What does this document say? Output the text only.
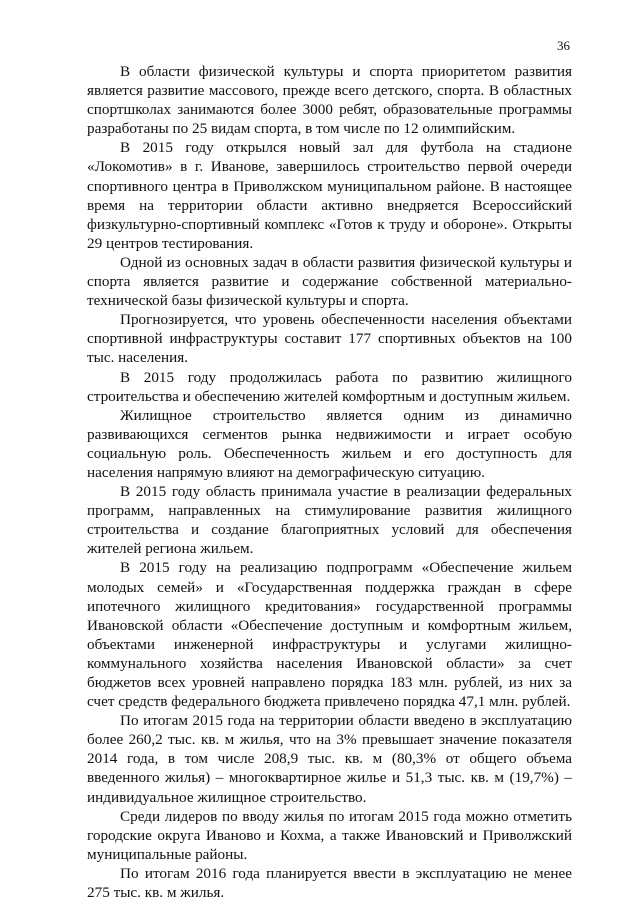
36

В области физической культуры и спорта приоритетом развития является развитие массового, прежде всего детского, спорта. В областных спортшколах занимаются более 3000 ребят, образовательные программы разработаны по 25 видам спорта, в том числе по 12 олимпийским.

В 2015 году открылся новый зал для футбола на стадионе «Локомотив» в г. Иванове, завершилось строительство первой очереди спортивного центра в Приволжском муниципальном районе. В настоящее время на территории области активно внедряется Всероссийский физкультурно-спортивный комплекс «Готов к труду и обороне». Открыты 29 центров тестирования.

Одной из основных задач в области развития физической культуры и спорта является развитие и содержание собственной материально-технической базы физической культуры и спорта.

Прогнозируется, что уровень обеспеченности населения объектами спортивной инфраструктуры составит 177 спортивных объектов на 100 тыс. населения.

В 2015 году продолжилась работа по развитию жилищного строительства и обеспечению жителей комфортным и доступным жильем.

Жилищное строительство является одним из динамично развивающихся сегментов рынка недвижимости и играет особую социальную роль. Обеспеченность жильем и его доступность для населения напрямую влияют на демографическую ситуацию.

В 2015 году область принимала участие в реализации федеральных программ, направленных на стимулирование развития жилищного строительства и создание благоприятных условий для обеспечения жителей региона жильем.

В 2015 году на реализацию подпрограмм «Обеспечение жильем молодых семей» и «Государственная поддержка граждан в сфере ипотечного жилищного кредитования» государственной программы Ивановской области «Обеспечение доступным и комфортным жильем, объектами инженерной инфраструктуры и услугами жилищно-коммунального хозяйства населения Ивановской области» за счет бюджетов всех уровней направлено порядка 183 млн. рублей, из них за счет средств федерального бюджета привлечено порядка 47,1 млн. рублей.

По итогам 2015 года на территории области введено в эксплуатацию более 260,2 тыс. кв. м жилья, что на 3% превышает значение показателя 2014 года, в том числе 208,9 тыс. кв. м (80,3% от общего объема введенного жилья) – многоквартирное жилье и 51,3 тыс. кв. м (19,7%) – индивидуальное жилищное строительство.

Среди лидеров по вводу жилья по итогам 2015 года можно отметить городские округа Иваново и Кохма, а также Ивановский и Приволжский муниципальные районы.

По итогам 2016 года планируется ввести в эксплуатацию не менее 275 тыс. кв. м жилья.
